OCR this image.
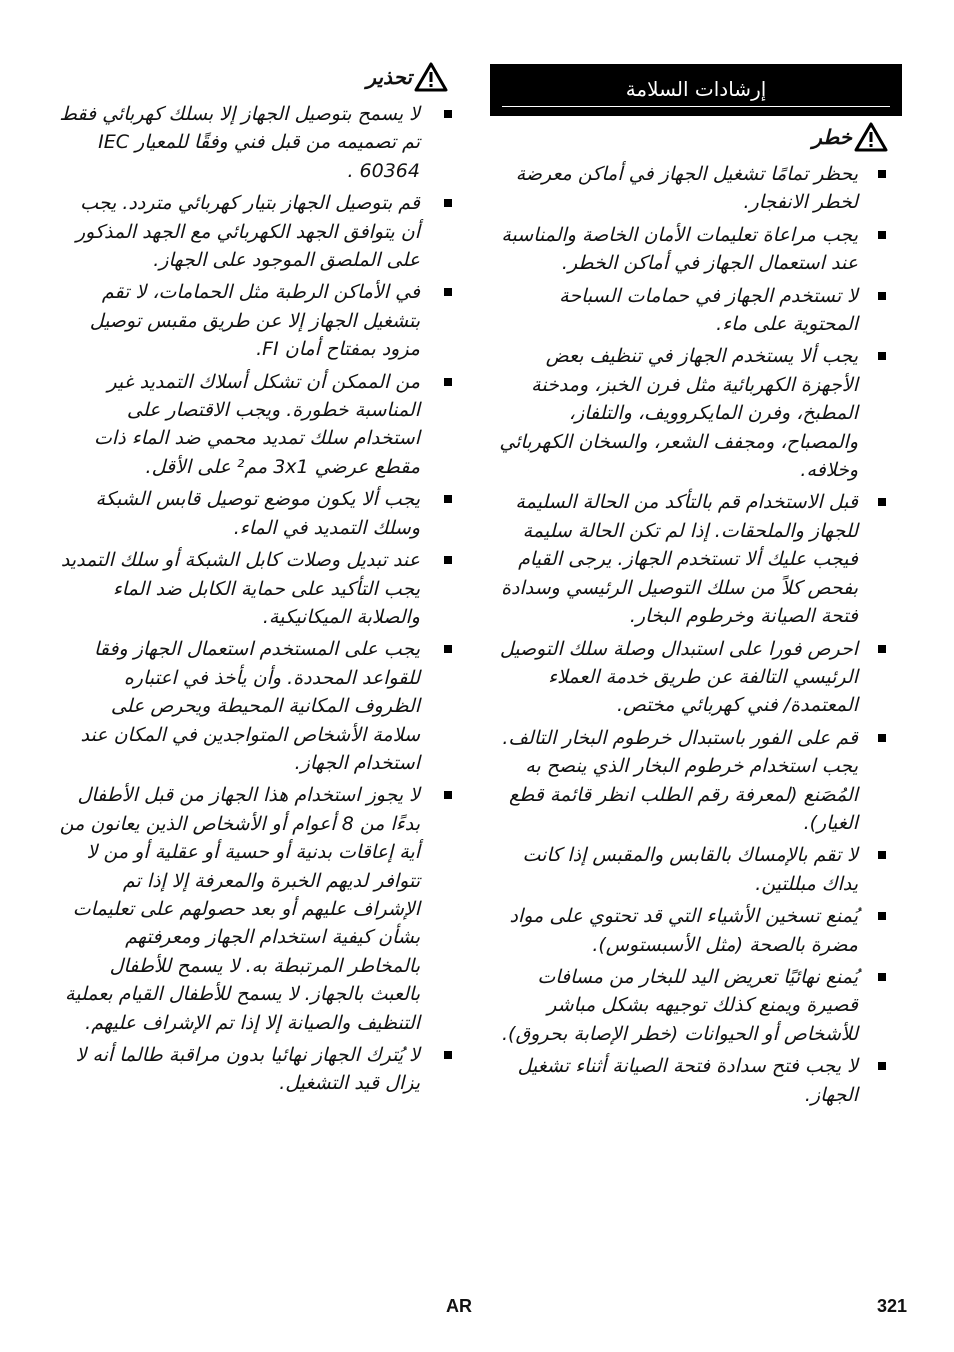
إرشادات السلامة
خطر
يحظر تمامًا تشغيل الجهاز في أماكن معرضة لخطر الانفجار.
يجب مراعاة تعليمات الأمان الخاصة والمناسبة عند استعمال الجهاز في أماكن الخطر.
لا تستخدم الجهاز في حمامات السباحة المحتوية على ماء.
يجب ألا يستخدم الجهاز في تنظيف بعض الأجهزة الكهربائية مثل فرن الخبز، ومدخنة المطبخ، وفرن المايكروويف، والتلفاز، والمصباح، ومجفف الشعر، والسخان الكهربائي وخلافه.
قبل الاستخدام قم بالتأكد من الحالة السليمة للجهاز والملحقات. إذا لم تكن الحالة سليمة فيجب عليك ألا تستخدم الجهاز. يرجى القيام بفحص كلاً من سلك التوصيل الرئيسي وسدادة فتحة الصيانة وخرطوم البخار.
احرص فورا على استبدال وصلة سلك التوصيل الرئيسي التالفة عن طريق خدمة العملاء المعتمدة/ فني كهربائي مختص.
قم على الفور باستبدال خرطوم البخار التالف. يجب استخدام خرطوم البخار الذي ينصح به المُصَنع (لمعرفة رقم الطلب انظر قائمة قطع الغيار).
لا تقم بالإمساك بالقابس والمقبس إذا كانت يداك مبللتين.
يُمنع تسخين الأشياء التي قد تحتوي على مواد مضرة بالصحة (مثل الأسبستوس).
يُمنع نهائيًا تعريض اليد للبخار من مسافات قصيرة ويمنع كذلك توجيهه بشكل مباشر للأشخاص أو الحيوانات (خطر الإصابة بحروق).
لا يجب فتح سدادة فتحة الصيانة أثناء تشغيل الجهاز.
تحذير
لا يسمح بتوصيل الجهاز إلا بسلك كهربائي فقط تم تصميمه من قبل فني وفقًا للمعيار IEC 60364 .
قم بتوصيل الجهاز بتيار كهربائي متردد. يجب أن يتوافق الجهد الكهربائي مع الجهد المذكور على الملصق الموجود على الجهاز.
في الأماكن الرطبة مثل الحمامات، لا تقم بتشغيل الجهاز إلا عن طريق مقبس توصيل مزود بمفتاح أمان FI.
من الممكن أن تشكل أسلاك التمديد غير المناسبة خطورة. ويجب الاقتصار على استخدام سلك تمديد محمي ضد الماء ذات مقطع عرضي 3x1 مم² على الأقل.
يجب ألا يكون موضع توصيل قابس الشبكة وسلك التمديد في الماء.
عند تبديل وصلات كابل الشبكة أو سلك التمديد يجب التأكيد على حماية الكابل ضد الماء والصلابة الميكانيكية.
يجب على المستخدم استعمال الجهاز وفقا للقواعد المحددة. وأن يأخذ في اعتباره الظروف المكانية المحيطة ويحرص على سلامة الأشخاص المتواجدين في المكان عند استخدام الجهاز.
لا يجوز استخدام هذا الجهاز من قبل الأطفال بدءًا من 8 أعوام أو الأشخاص الذين يعانون من أية إعاقات بدنية أو حسية أو عقلية أو من لا تتوافر لديهم الخبرة والمعرفة إلا إذا تم الإشراف عليهم أو بعد حصولهم على تعليمات بشأن كيفية استخدام الجهاز ومعرفتهم بالمخاطر المرتبطة به. لا يسمح للأطفال بالعبث بالجهاز. لا يسمح للأطفال القيام بعملية التنظيف والصيانة إلا إذا تم الإشراف عليهم.
لا يُترك الجهاز نهائيا بدون مراقبة طالما أنه لا يزال قيد التشغيل.
AR	321
